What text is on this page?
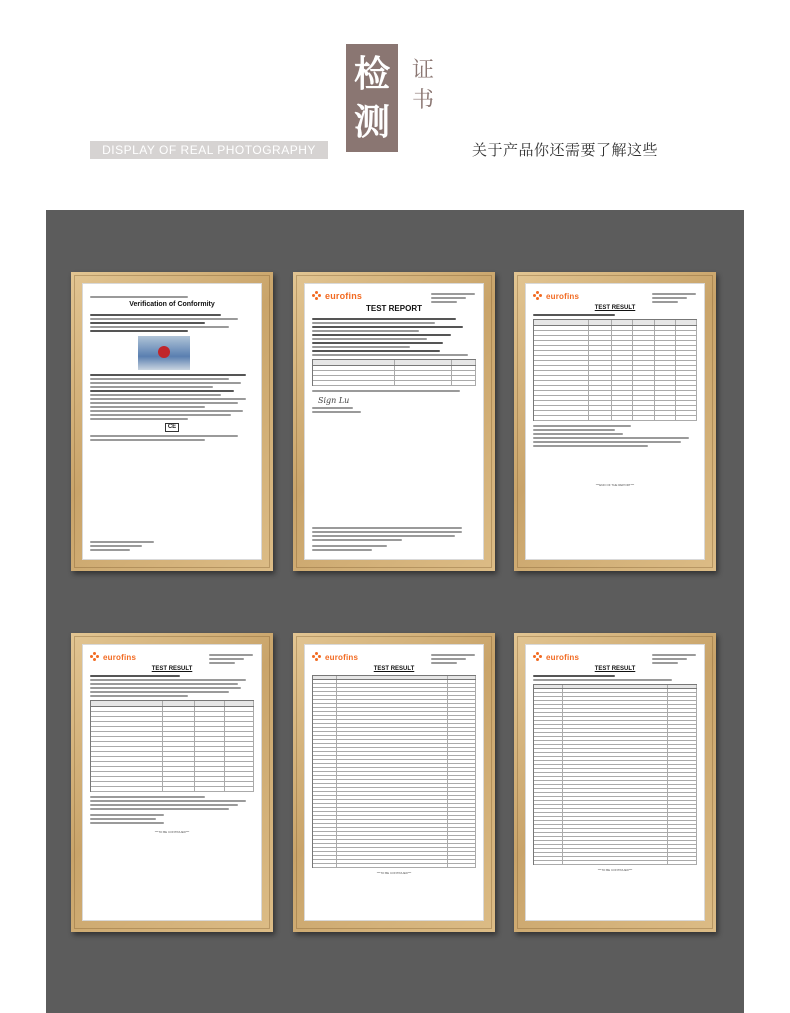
检
测
证
书
DISPLAY OF REAL PHOTOGRAPHY	关于产品你还需要了解这些
Verification of Conformity
CE
eurofins
TEST REPORT
Sign Lu
eurofins
TEST RESULT
***END OF THE REPORT***
eurofins
TEST RESULT
***TO BE CONTINUED***
eurofins
TEST RESULT
***TO BE CONTINUED***
eurofins
TEST RESULT
***TO BE CONTINUED***
